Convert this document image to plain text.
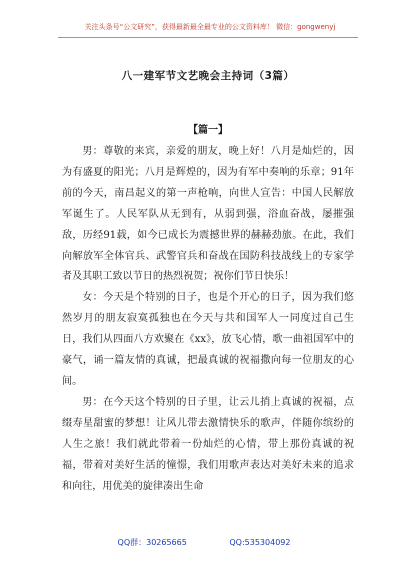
关注头条号“公文研究”，获得最新最全最专业的公文资料库！ 微信：gongwenyj
八一建军节文艺晚会主持词（3篇）
【篇一】

男：尊敬的来宾，亲爱的朋友，晚上好！八月是灿烂的，因为有盛夏的阳光；八月是辉煌的，因为有军中奏响的乐章；91年前的今天，南昌起义的第一声枪响，向世人宣告：中国人民解放军诞生了。人民军队从无到有，从弱到强，浴血奋战，屡摧强敌，历经91载，如今已成长为震撼世界的赫赫劲旅。在此，我们向解放军全体官兵、武警官兵和奋战在国防科技战线上的专家学者及其职工致以节日的热烈祝贺；祝你们节日快乐！

女：今天是个特别的日子，也是个开心的日子，因为我们悠然岁月的朋友寂寞孤独也在今天与共和国军人一同度过自己生日，我们从四面八方欢聚在《xx》，放飞心情，歌一曲祖国军中的豪气，诵一篇友情的真诚，把最真诚的祝福撒向每一位朋友的心间。

男：在今天这个特别的日子里，让云儿捎上真诚的祝福，点缀寿星甜蜜的梦想！让风儿带去激情快乐的歌声，伴随你缤纷的人生之旅！我们就此带着一份灿烂的心情，带上那份真诚的祝福，带着对美好生活的憧憬，我们用歌声表达对美好未来的追求和向往，用优美的旋律凑出生命

QQ群：30265665	QQ:535304092
